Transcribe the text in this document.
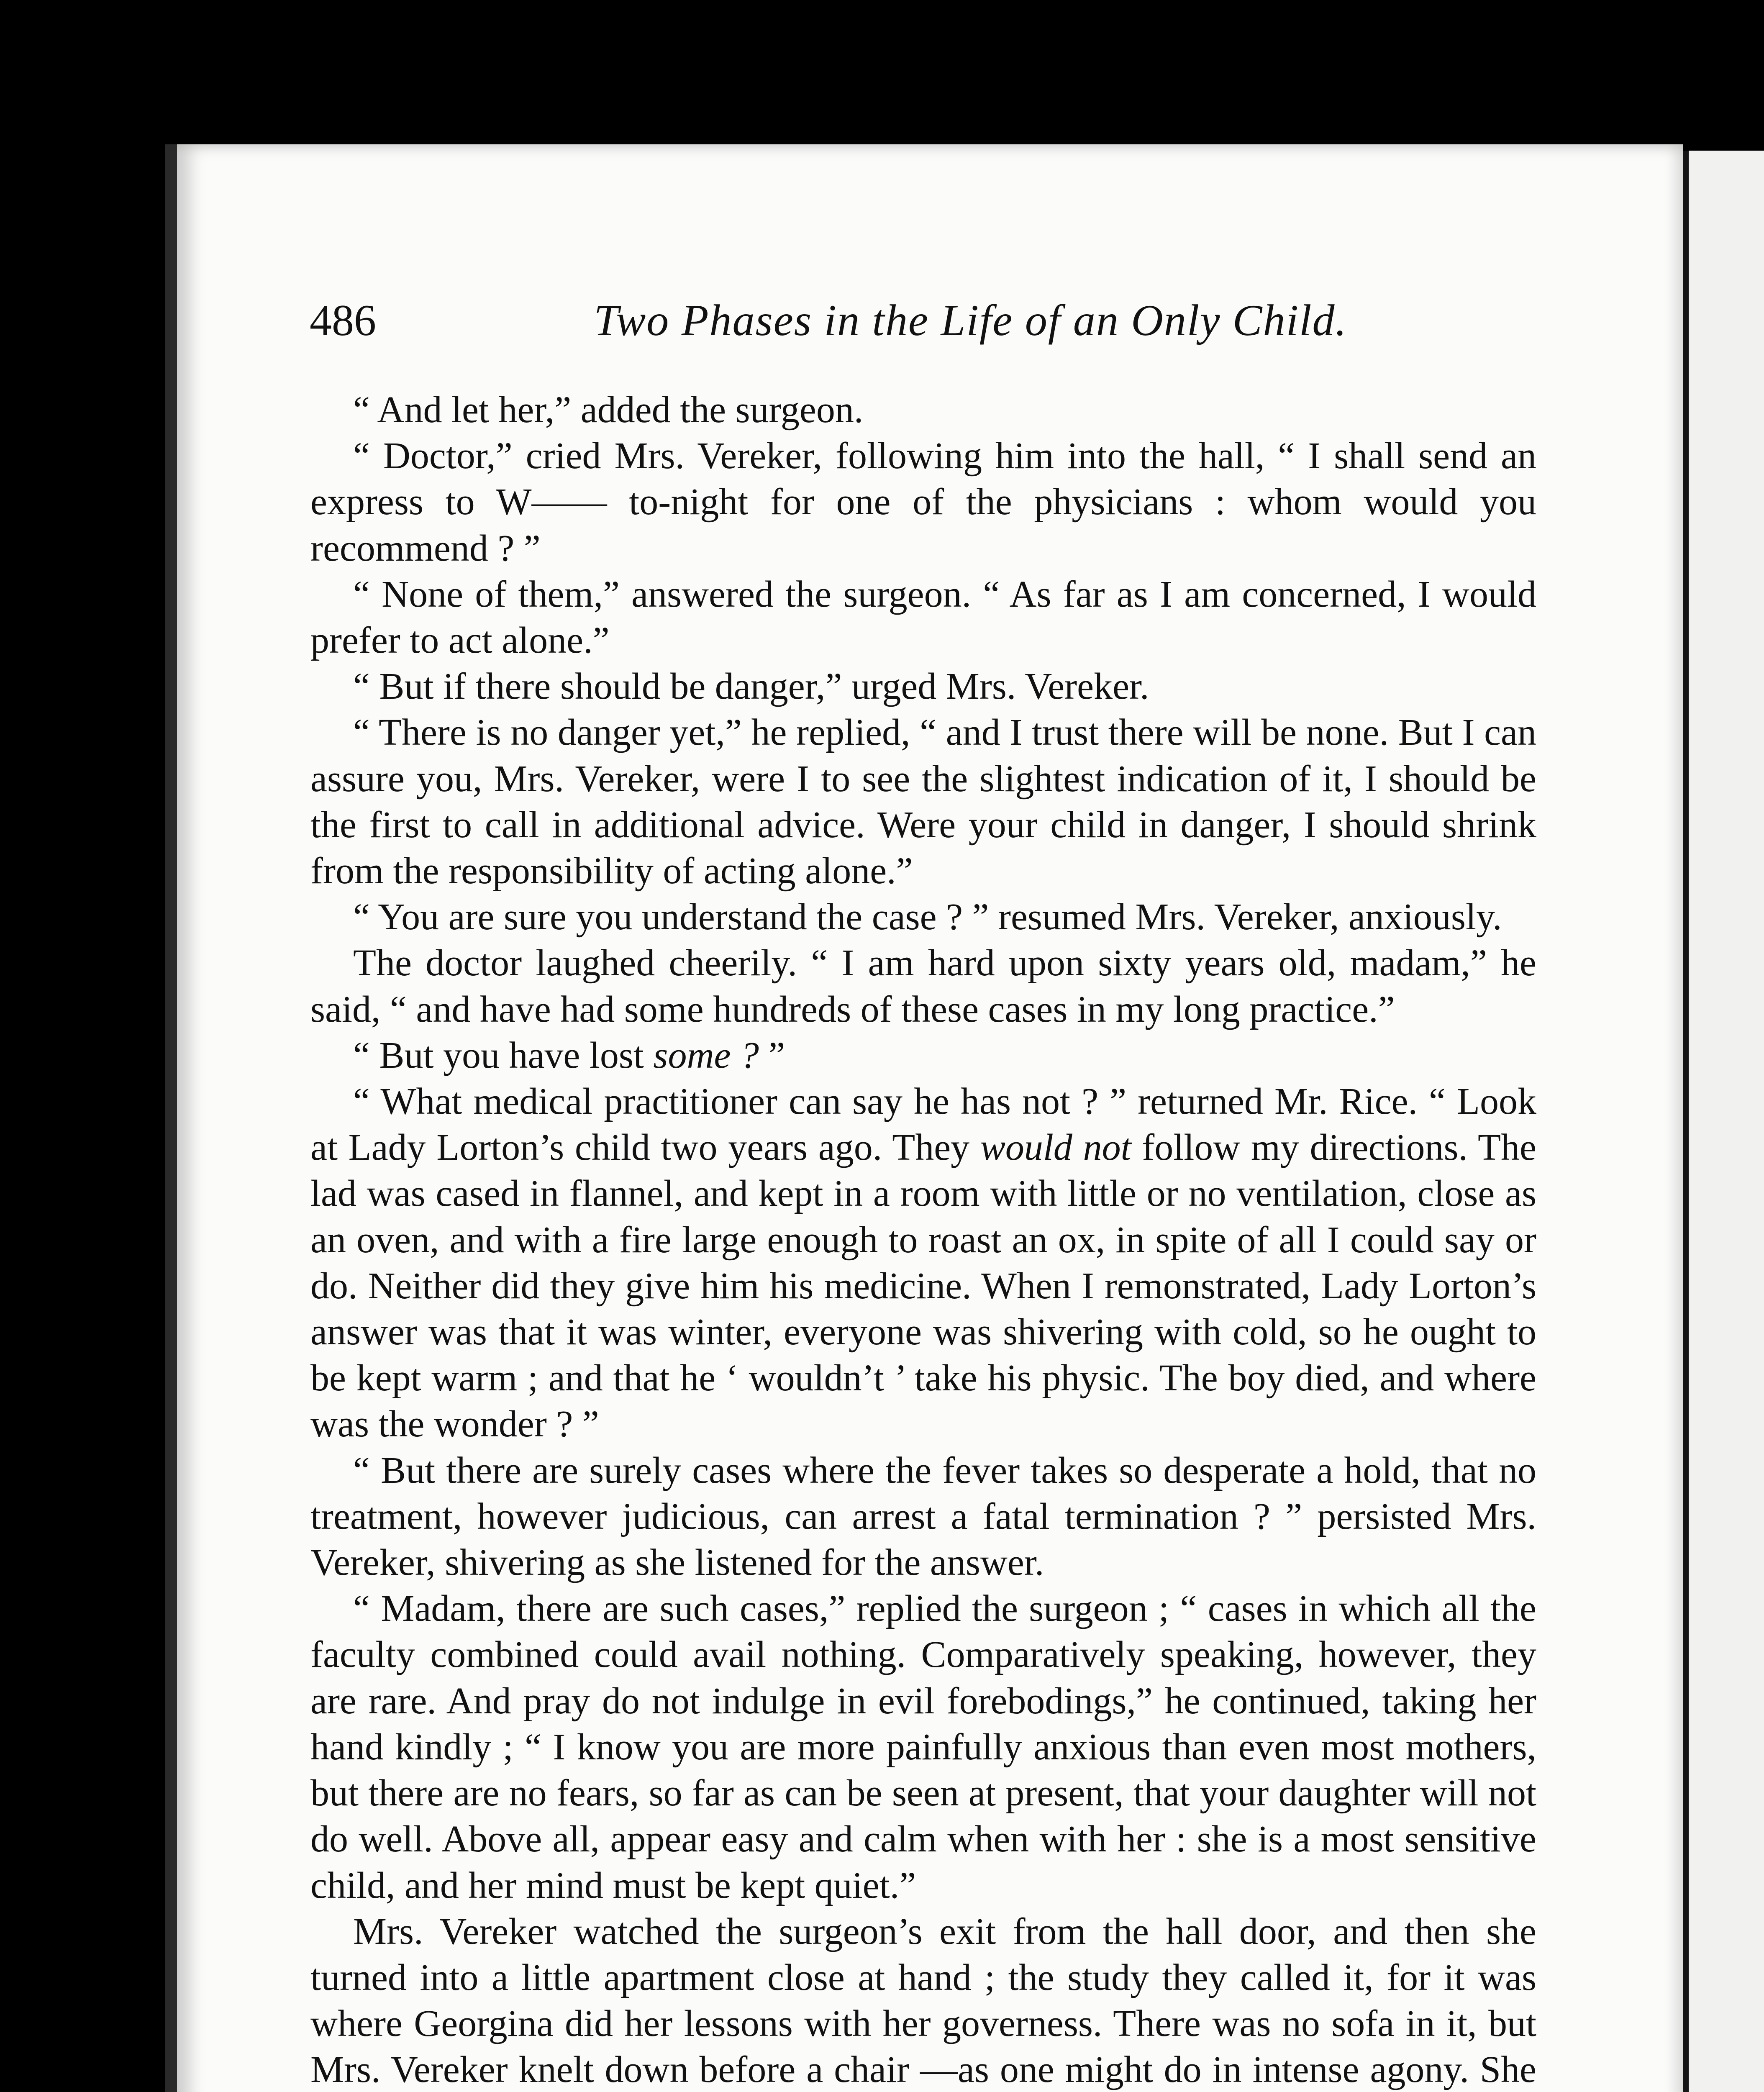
486	Two Phases in the Life of an Only Child.

“ And let her,” added the surgeon.

“ Doctor,” cried Mrs. Vereker, following him into the hall, “ I shall send an express to W—— to-night for one of the physicians : whom would you recommend ? ”

“ None of them,” answered the surgeon. “ As far as I am concerned, I would prefer to act alone.”

“ But if there should be danger,” urged Mrs. Vereker.

“ There is no danger yet,” he replied, “ and I trust there will be none. But I can assure you, Mrs. Vereker, were I to see the slightest indication of it, I should be the first to call in additional advice. Were your child in danger, I should shrink from the responsibility of acting alone.”

“ You are sure you understand the case ? ” resumed Mrs. Vereker, anxiously.

The doctor laughed cheerily. “ I am hard upon sixty years old, madam,” he said, “ and have had some hundreds of these cases in my long practice.”

“ But you have lost some ? ”

“ What medical practitioner can say he has not ? ” returned Mr. Rice. “ Look at Lady Lorton’s child two years ago. They would not follow my directions. The lad was cased in flannel, and kept in a room with little or no ventilation, close as an oven, and with a fire large enough to roast an ox, in spite of all I could say or do. Neither did they give him his medicine. When I remonstrated, Lady Lorton’s answer was that it was winter, everyone was shivering with cold, so he ought to be kept warm ; and that he ‘ wouldn’t ’ take his physic. The boy died, and where was the wonder ? ”

“ But there are surely cases where the fever takes so desperate a hold, that no treatment, however judicious, can arrest a fatal termination ? ” persisted Mrs. Vereker, shivering as she listened for the answer.

“ Madam, there are such cases,” replied the surgeon ; “ cases in which all the faculty combined could avail nothing. Comparatively speaking, however, they are rare. And pray do not indulge in evil forebodings,” he continued, taking her hand kindly ; “ I know you are more painfully anxious than even most mothers, but there are no fears, so far as can be seen at present, that your daughter will not do well. Above all, appear easy and calm when with her : she is a most sensitive child, and her mind must be kept quiet.”

Mrs. Vereker watched the surgeon’s exit from the hall door, and then she turned into a little apartment close at hand ; the study they called it, for it was where Georgina did her lessons with her governess. There was no sofa in it, but Mrs. Vereker knelt down before a chair —as one might do in intense agony. She
